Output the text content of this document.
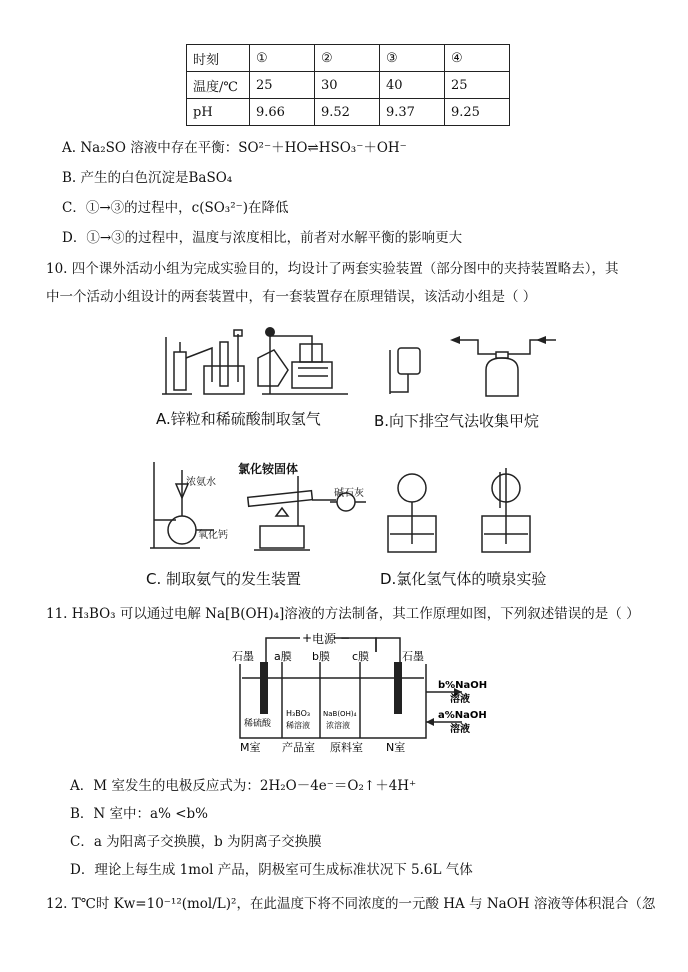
时刻	①	②	③	④
温度/℃	25	30	40	25
pH	9.66	9.52	9.37	9.25
A. Na₂SO 溶液中存在平衡：SO²⁻＋HO⇌HSO₃⁻＋OH⁻
B. 产生的白色沉淀是BaSO₄
C．①→③的过程中，c(SO₃²⁻)在降低
D．①→③的过程中，温度与浓度相比，前者对水解平衡的影响更大
10. 四个课外活动小组为完成实验目的，均设计了两套实验装置（部分图中的夹持装置略去），其
中一个活动小组设计的两套装置中，有一套装置存在原理错误，该活动小组是（ ）
A.锌粒和稀硫酸制取氢气	B.向下排空气法收集甲烷
浓氨水
氧化钙
氯化铵固体
碱石灰
C. 制取氨气的发生装置	D.氯化氢气体的喷泉实验
11. H₃BO₃ 可以通过电解 Na[B(OH)₄]溶液的方法制备，其工作原理如图，下列叙述错误的是（ ）
+ 电源 −
石墨	石墨
a膜 b膜 c膜
稀硫酸
H₃BO₃
稀溶液
NaB(OH)₄
浓溶液
b%NaOH
溶液
a%NaOH
溶液
M室 产品室 原料室 N室
A．M 室发生的电极反应式为：2H₂O－4e⁻＝O₂↑＋4H⁺
B．N 室中：a% <b%
C．a 为阳离子交换膜，b 为阴离子交换膜
D．理论上每生成 1mol 产品，阴极室可生成标准状况下 5.6L 气体
12. T℃时 Kw=10⁻¹²(mol/L)²，在此温度下将不同浓度的一元酸 HA 与 NaOH 溶液等体积混合（忽
